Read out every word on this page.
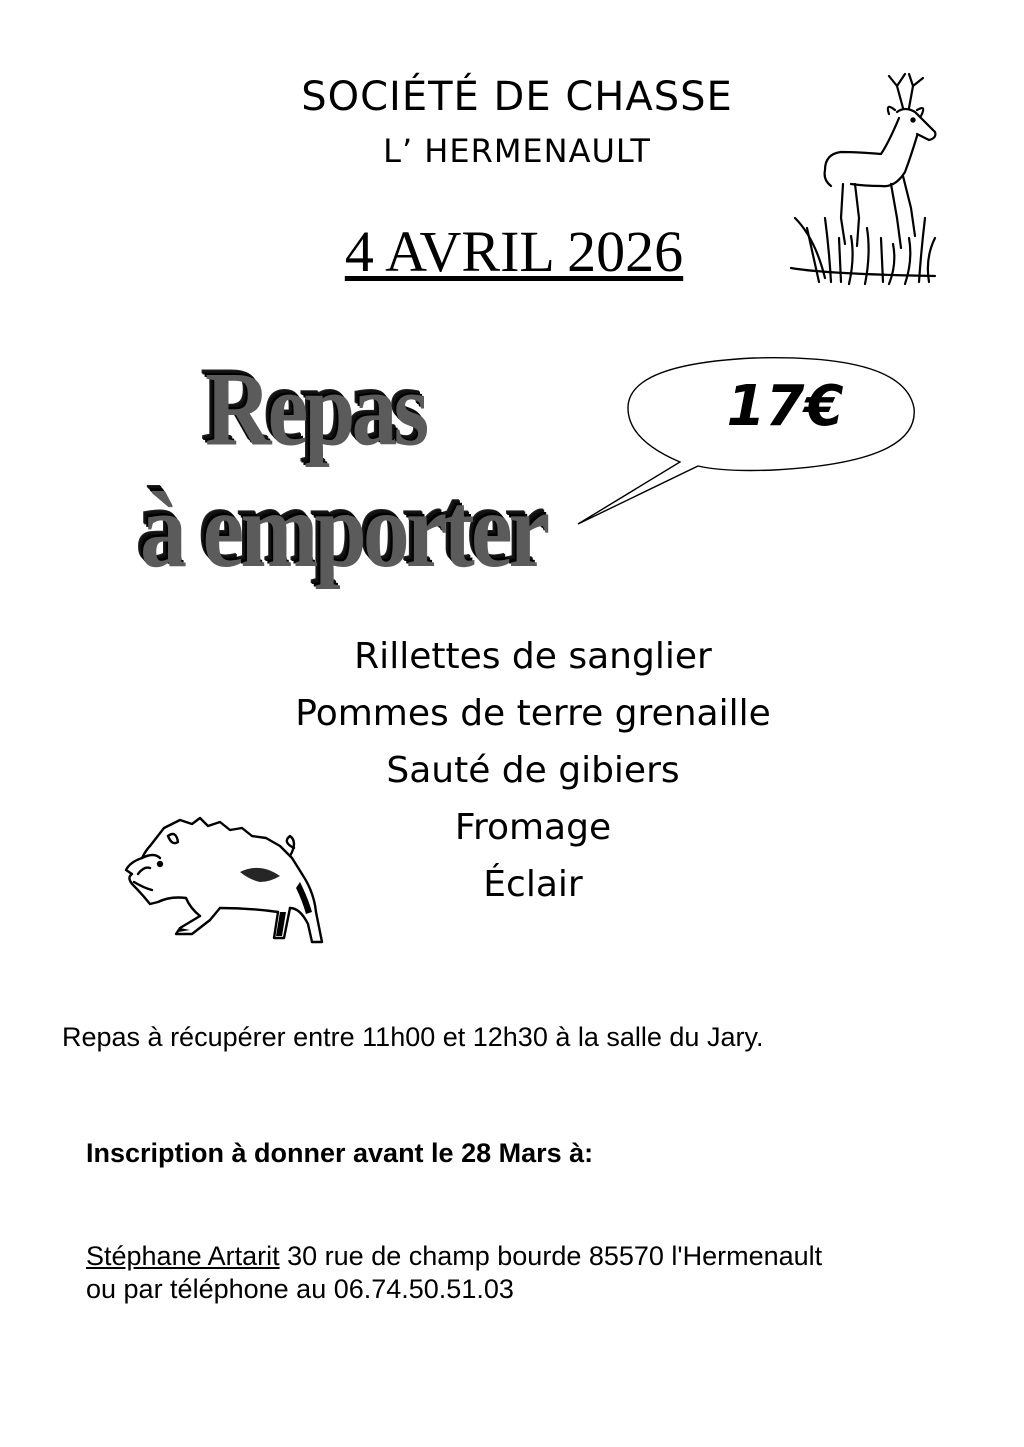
SOCIÉTÉ DE CHASSE
L’ HERMENAULT
4 AVRIL 2026
Repas
à emporter
17€
Rillettes de sanglier
Pommes de terre grenaille
Sauté de gibiers
Fromage
Éclair
Repas à récupérer entre 11h00 et 12h30 à la salle du Jary.
Inscription à donner avant le 28 Mars à:
Stéphane Artarit 30 rue de champ bourde 85570 l'Hermenault
ou par téléphone au 06.74.50.51.03
